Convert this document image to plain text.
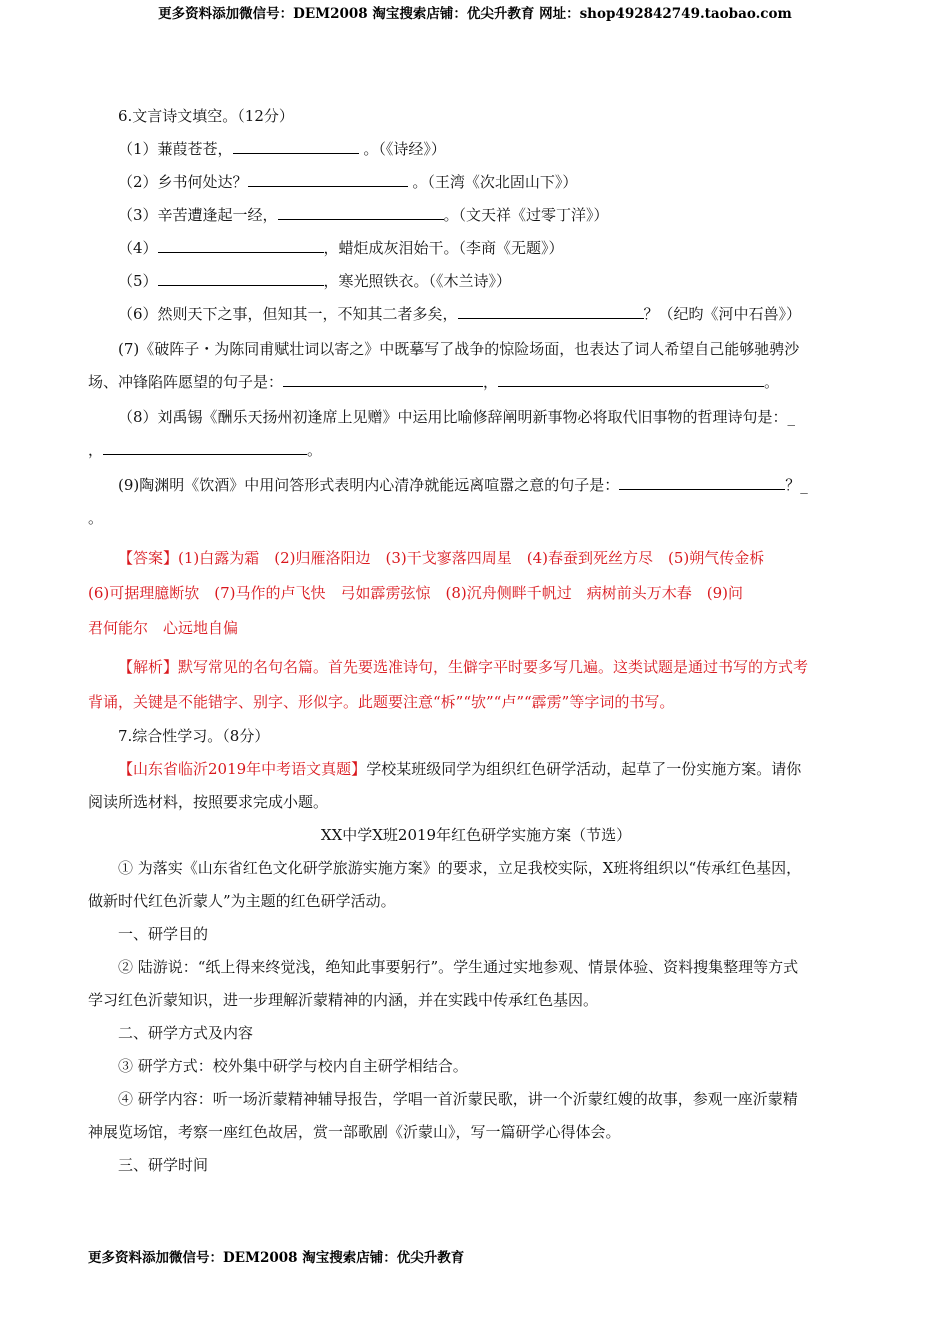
更多资料添加微信号：DEM2008 淘宝搜索店铺：优尖升教育 网址：shop492842749.taobao.com

6.文言诗文填空。（12分）

（1）蒹葭苍苍，	。（《诗经》）

（2）乡书何处达？	。（王湾《次北固山下》）

（3）辛苦遭逢起一经，	。（文天祥《过零丁洋》）

（4）	，蜡炬成灰泪始干。（李商《无题》）

（5）	，寒光照铁衣。（《木兰诗》）

（6）然则天下之事，但知其一，不知其二者多矣，	？（纪昀《河中石兽》）

(7)《破阵子・为陈同甫赋壮词以寄之》中既摹写了战争的惊险场面，也表达了词人希望自己能够驰骋沙

场、冲锋陷阵愿望的句子是：	，	。

（8）刘禹锡《酬乐天扬州初逢席上见赠》中运用比喻修辞阐明新事物必将取代旧事物的哲理诗句是：_

，	。

(9)陶渊明《饮酒》中用问答形式表明内心清净就能远离喧嚣之意的句子是：	？_

。

【答案】(1)白露为霜　(2)归雁洛阳边　(3)干戈寥落四周星　(4)春蚕到死丝方尽　(5)朔气传金柝

(6)可据理臆断欤　(7)马作的卢飞快　弓如霹雳弦惊　(8)沉舟侧畔千帆过　病树前头万木春　(9)问

君何能尔　心远地自偏

【解析】默写常见的名句名篇。首先要选准诗句，生僻字平时要多写几遍。这类试题是通过书写的方式考

背诵，关键是不能错字、别字、形似字。此题要注意“柝”“欤”“卢”“霹雳”等字词的书写。

7.综合性学习。（8分）

【山东省临沂2019年中考语文真题】学校某班级同学为组织红色研学活动，起草了一份实施方案。请你

阅读所选材料，按照要求完成小题。

XX中学X班2019年红色研学实施方案（节选）

① 为落实《山东省红色文化研学旅游实施方案》的要求，立足我校实际，X班将组织以“传承红色基因，

做新时代红色沂蒙人”为主题的红色研学活动。

一、研学目的

② 陆游说：“纸上得来终觉浅，绝知此事要躬行”。学生通过实地参观、情景体验、资料搜集整理等方式

学习红色沂蒙知识，进一步理解沂蒙精神的内涵，并在实践中传承红色基因。

二、研学方式及内容

③ 研学方式：校外集中研学与校内自主研学相结合。

④ 研学内容：听一场沂蒙精神辅导报告，学唱一首沂蒙民歌，讲一个沂蒙红嫂的故事，参观一座沂蒙精

神展览场馆，考察一座红色故居，赏一部歌剧《沂蒙山》，写一篇研学心得体会。

三、研学时间

更多资料添加微信号：DEM2008 淘宝搜索店铺：优尖升教育
